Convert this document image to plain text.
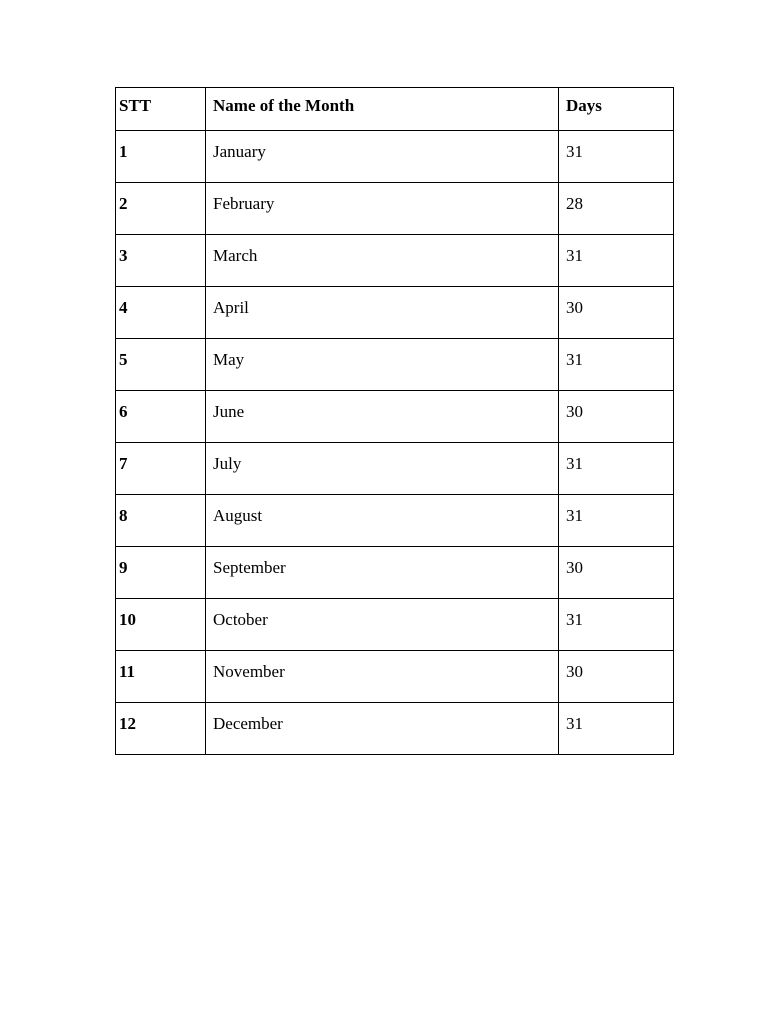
STT	Name of the Month	Days
1	January	31
2	February	28
3	March	31
4	April	30
5	May	31
6	June	30
7	July	31
8	August	31
9	September	30
10	October	31
11	November	30
12	December	31
